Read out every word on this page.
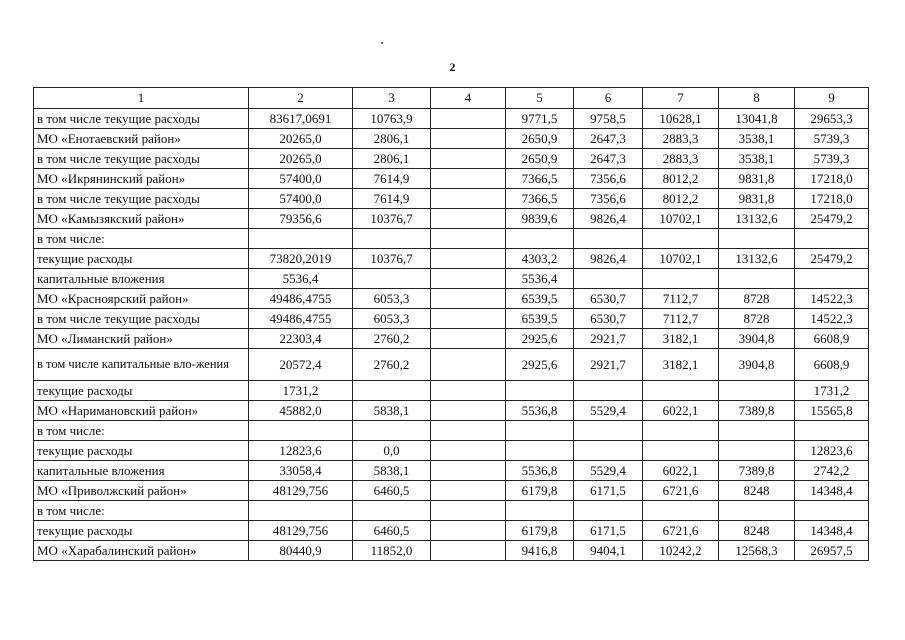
2
1	2	3	4	5	6	7	8	9
в том числе текущие расходы	83617,0691	10763,9		9771,5	9758,5	10628,1	13041,8	29653,3
МО «Енотаевский район»	20265,0	2806,1		2650,9	2647,3	2883,3	3538,1	5739,3
в том числе текущие расходы	20265,0	2806,1		2650,9	2647,3	2883,3	3538,1	5739,3
МО «Икрянинский район»	57400,0	7614,9		7366,5	7356,6	8012,2	9831,8	17218,0
в том числе текущие расходы	57400,0	7614,9		7366,5	7356,6	8012,2	9831,8	17218,0
МО «Камызякский район»	79356,6	10376,7		9839,6	9826,4	10702,1	13132,6	25479,2
в том числе:								
текущие расходы	73820,2019	10376,7		4303,2	9826,4	10702,1	13132,6	25479,2
капитальные вложения	5536,4			5536,4				
МО «Красноярский район»	49486,4755	6053,3		6539,5	6530,7	7112,7	8728	14522,3
в том числе текущие расходы	49486,4755	6053,3		6539,5	6530,7	7112,7	8728	14522,3
МО «Лиманский район»	22303,4	2760,2		2925,6	2921,7	3182,1	3904,8	6608,9
в том числе капитальные вло-жения	20572,4	2760,2		2925,6	2921,7	3182,1	3904,8	6608,9
текущие расходы	1731,2							1731,2
МО «Наримановский район»	45882,0	5838,1		5536,8	5529,4	6022,1	7389,8	15565,8
в том числе:								
текущие расходы	12823,6	0,0						12823,6
капитальные вложения	33058,4	5838,1		5536,8	5529,4	6022,1	7389,8	2742,2
МО «Приволжский район»	48129,756	6460,5		6179,8	6171,5	6721,6	8248	14348,4
в том числе:								
текущие расходы	48129,756	6460,5		6179,8	6171,5	6721,6	8248	14348,4
МО «Харабалинский район»	80440,9	11852,0		9416,8	9404,1	10242,2	12568,3	26957,5
